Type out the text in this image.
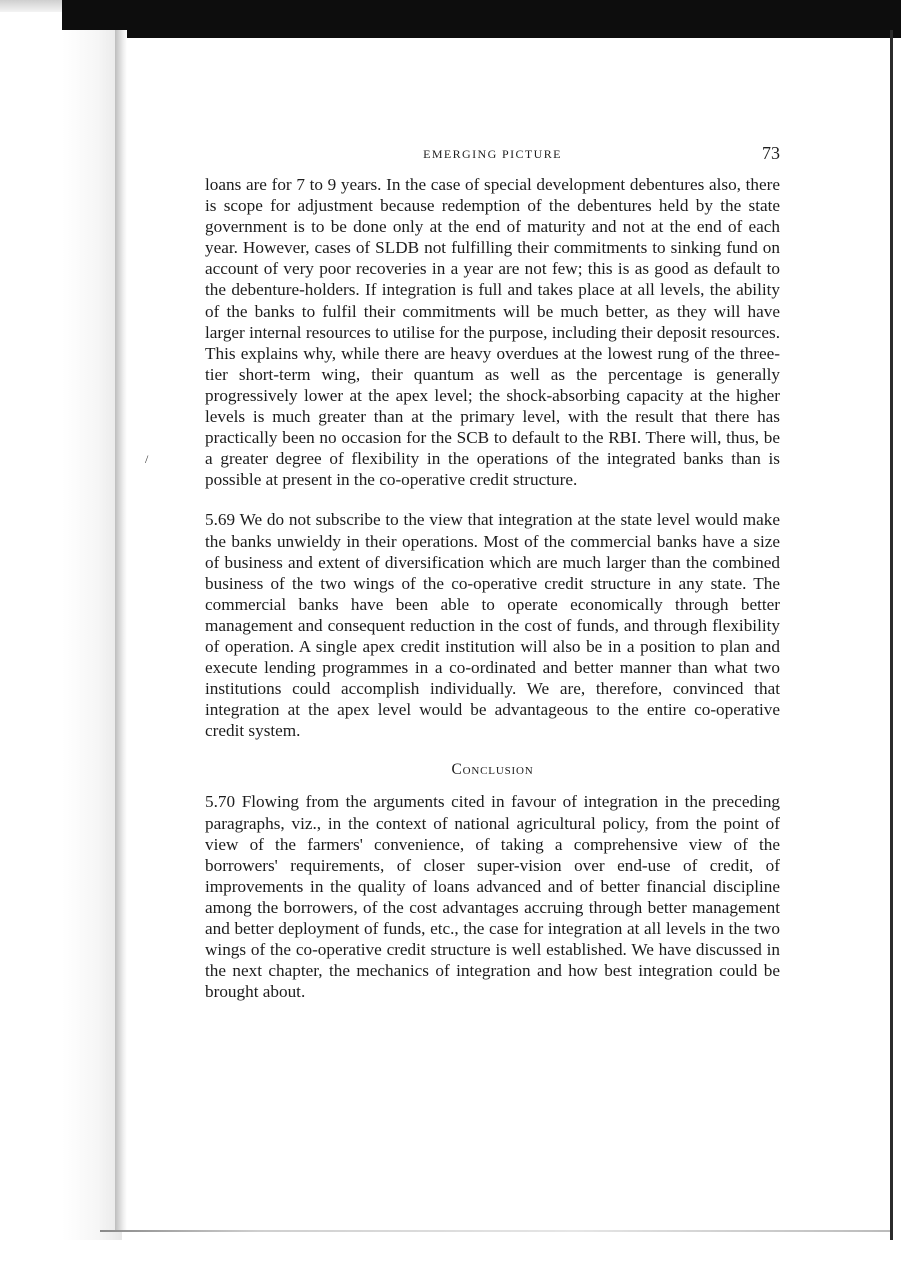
/
EMERGING PICTURE	73

loans are for 7 to 9 years. In the case of special development debentures also, there is scope for adjustment because redemption of the debentures held by the state government is to be done only at the end of maturity and not at the end of each year. However, cases of SLDB not fulfilling their commitments to sinking fund on account of very poor recoveries in a year are not few; this is as good as default to the debenture-holders. If integration is full and takes place at all levels, the ability of the banks to fulfil their commitments will be much better, as they will have larger internal resources to utilise for the purpose, including their deposit resources. This explains why, while there are heavy overdues at the lowest rung of the three-tier short-term wing, their quantum as well as the percentage is generally progressively lower at the apex level; the shock-absorbing capacity at the higher levels is much greater than at the primary level, with the result that there has practically been no occasion for the SCB to default to the RBI. There will, thus, be a greater degree of flexibility in the operations of the integrated banks than is possible at present in the co-operative credit structure.

5.69 We do not subscribe to the view that integration at the state level would make the banks unwieldy in their operations. Most of the commercial banks have a size of business and extent of diversification which are much larger than the combined business of the two wings of the co-operative credit structure in any state. The commercial banks have been able to operate economically through better management and consequent reduction in the cost of funds, and through flexibility of operation. A single apex credit institution will also be in a position to plan and execute lending programmes in a co-ordinated and better manner than what two institutions could accomplish individually. We are, therefore, convinced that integration at the apex level would be advantageous to the entire co-operative credit system.

Conclusion

5.70 Flowing from the arguments cited in favour of integration in the preceding paragraphs, viz., in the context of national agricultural policy, from the point of view of the farmers' convenience, of taking a comprehensive view of the borrowers' requirements, of closer super-vision over end-use of credit, of improvements in the quality of loans advanced and of better financial discipline among the borrowers, of the cost advantages accruing through better management and better deployment of funds, etc., the case for integration at all levels in the two wings of the co-operative credit structure is well established. We have discussed in the next chapter, the mechanics of integration and how best integration could be brought about.
